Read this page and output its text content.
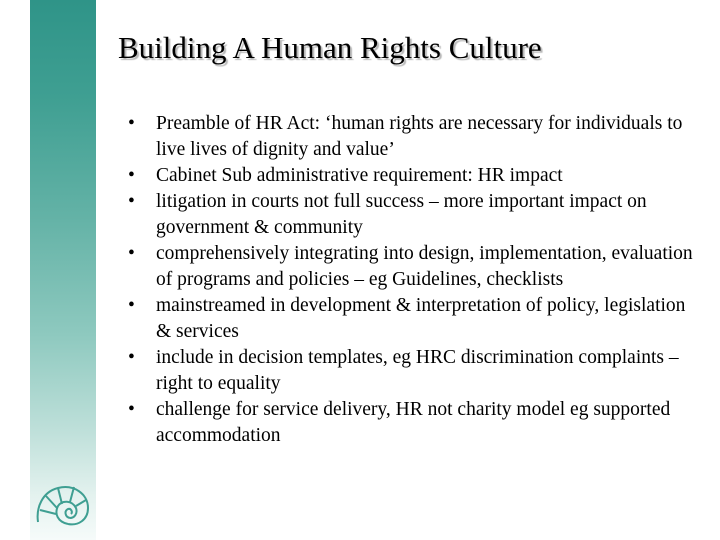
Building A Human Rights Culture
•	Preamble of HR Act: ‘human rights are necessary for individuals to live lives of dignity and value’
•	Cabinet Sub administrative requirement: HR impact
•	litigation in courts not full success – more important impact on government & community
•	comprehensively integrating into design, implementation, evaluation of programs and policies – eg Guidelines, checklists
•	mainstreamed in development & interpretation of policy, legislation & services
•	include in decision templates, eg HRC discrimination complaints – right to equality
•	challenge for service delivery, HR not charity model eg supported accommodation
